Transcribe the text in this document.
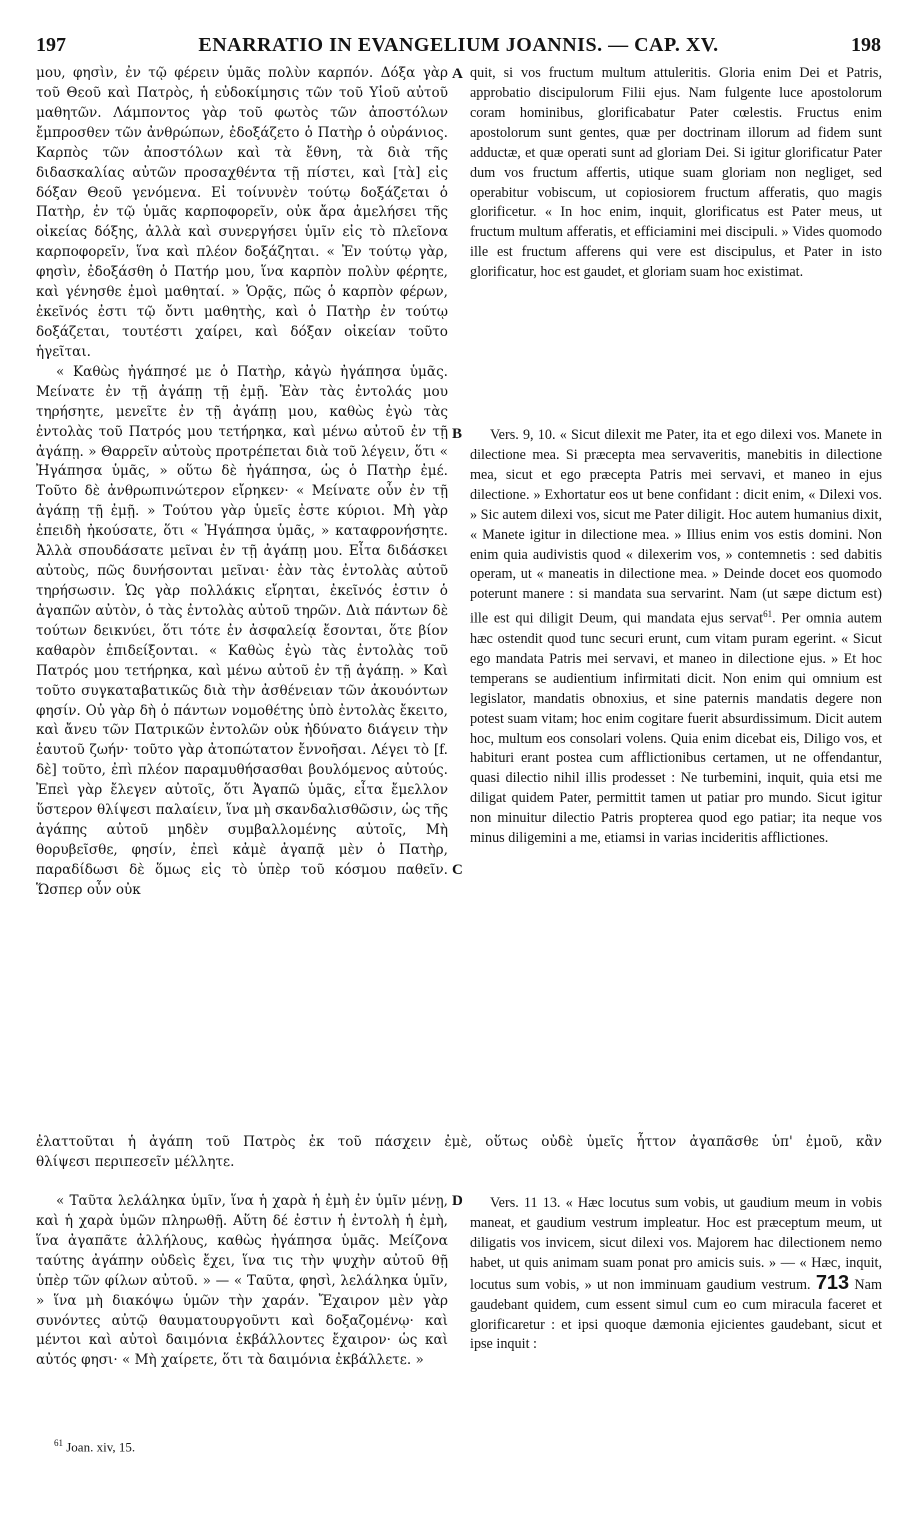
197	ENARRATIO IN EVANGELIUM JOANNIS. — CAP. XV.	198

μου, φησὶν, ἐν τῷ φέρειν ὑμᾶς πολὺν καρπόν. Δόξα γὰρ τοῦ Θεοῦ καὶ Πατρὸς, ἡ εὐδοκίμησις τῶν τοῦ Υἱοῦ αὐτοῦ μαθητῶν. Λάμποντος γὰρ τοῦ φωτὸς τῶν ἀποστόλων ἔμπροσθεν τῶν ἀνθρώπων, ἐδοξάζετο ὁ Πατὴρ ὁ οὐράνιος. Καρπὸς τῶν ἀποστόλων καὶ τὰ ἔθνη, τὰ διὰ τῆς διδασκαλίας αὐτῶν προσαχθέντα τῇ πίστει, καὶ [τὰ] εἰς δόξαν Θεοῦ γενόμενα. Εἰ τοίνυνὲν τούτῳ δοξάζεται ὁ Πατὴρ, ἐν τῷ ὑμᾶς καρποφορεῖν, οὐκ ἄρα ἀμελήσει τῆς οἰκείας δόξης, ἀλλὰ καὶ συνεργήσει ὑμῖν εἰς τὸ πλεῖονα καρποφορεῖν, ἵνα καὶ πλέον δοξάζηται. « Ἐν τούτῳ γὰρ, φησὶν, ἐδοξάσθη ὁ Πατήρ μου, ἵνα καρπὸν πολὺν φέρητε, καὶ γένησθε ἐμοὶ μαθηταί. » Ὁρᾷς, πῶς ὁ καρπὸν φέρων, ἐκεῖνός ἐστι τῷ ὄντι μαθητὴς, καὶ ὁ Πατὴρ ἐν τούτῳ δοξάζεται, τουτέστι χαίρει, καὶ δόξαν οἰκείαν τοῦτο ἡγεῖται.

« Καθὼς ἠγάπησέ με ὁ Πατὴρ, κἀγὼ ἠγάπησα ὑμᾶς. Μείνατε ἐν τῇ ἀγάπῃ τῇ ἐμῇ. Ἐὰν τὰς ἐντολάς μου τηρήσητε, μενεῖτε ἐν τῇ ἀγάπῃ μου, καθὼς ἐγὼ τὰς ἐντολὰς τοῦ Πατρός μου τετήρηκα, καὶ μένω αὐτοῦ ἐν τῇ ἀγάπῃ. » Θαρρεῖν αὐτοὺς προτρέπεται διὰ τοῦ λέγειν, ὅτι « Ἠγάπησα ὑμᾶς, » οὕτω δὲ ἠγάπησα, ὡς ὁ Πατὴρ ἐμέ. Τοῦτο δὲ ἀνθρωπινώτερον εἴρηκεν· « Μείνατε οὖν ἐν τῇ ἀγάπῃ τῇ ἐμῇ. » Τούτου γὰρ ὑμεῖς ἐστε κύριοι. Μὴ γὰρ ἐπειδὴ ἠκούσατε, ὅτι « Ἠγάπησα ὑμᾶς, » καταφρονήσητε. Ἀλλὰ σπουδάσατε μεῖναι ἐν τῇ ἀγάπῃ μου. Εἶτα διδάσκει αὐτοὺς, πῶς δυνήσονται μεῖναι· ἐὰν τὰς ἐντολὰς αὐτοῦ τηρήσωσιν. Ὡς γὰρ πολλάκις εἴρηται, ἐκεῖνός ἐστιν ὁ ἀγαπῶν αὐτὸν, ὁ τὰς ἐντολὰς αὐτοῦ τηρῶν. Διὰ πάντων δὲ τούτων δεικνύει, ὅτι τότε ἐν ἀσφαλείᾳ ἔσονται, ὅτε βίον καθαρὸν ἐπιδείξονται. « Καθὼς ἐγὼ τὰς ἐντολὰς τοῦ Πατρός μου τετήρηκα, καὶ μένω αὐτοῦ ἐν τῇ ἀγάπῃ. » Καὶ τοῦτο συγκαταβατικῶς διὰ τὴν ἀσθένειαν τῶν ἀκουόντων φησίν. Οὐ γὰρ δὴ ὁ πάντων νομοθέτης ὑπὸ ἐντολὰς ἔκειτο, καὶ ἄνευ τῶν Πατρικῶν ἐντολῶν οὐκ ἠδύνατο διάγειν τὴν ἑαυτοῦ ζωήν· τοῦτο γὰρ ἀτοπώτατον ἔννοῆσαι. Λέγει τὸ [f. δὲ] τοῦτο, ἐπὶ πλέον παραμυθήσασθαι βουλόμενος αὐτούς. Ἐπεὶ γὰρ ἔλεγεν αὐτοῖς, ὅτι Ἀγαπῶ ὑμᾶς, εἶτα ἔμελλον ὕστερον θλίψεσι παλαίειν, ἵνα μὴ σκανδαλισθῶσιν, ὡς τῆς ἀγάπης αὐτοῦ μηδὲν συμβαλλομένης αὐτοῖς, Μὴ θορυβεῖσθε, φησίν, ἐπεὶ κἀμὲ ἀγαπᾷ μὲν ὁ Πατὴρ, παραδίδωσι δὲ ὅμως εἰς τὸ ὑπὲρ τοῦ κόσμου παθεῖν. Ὥσπερ οὖν οὐκ

ἐλαττοῦται ἡ ἀγάπη τοῦ Πατρὸς ἐκ τοῦ πάσχειν ἐμὲ, οὕτως οὐδὲ ὑμεῖς ἧττον ἀγαπᾶσθε ὑπ' ἐμοῦ, κἂν
θλίψεσι περιπεσεῖν μέλλητε.
« Ταῦτα λελάληκα ὑμῖν, ἵνα ἡ χαρὰ ἡ ἐμὴ ἐν ὑμῖν μένῃ, καὶ ἡ χαρὰ ὑμῶν πληρωθῇ. Αὕτη δέ ἐστιν ἡ ἐντολὴ ἡ ἐμὴ, ἵνα ἀγαπᾶτε ἀλλήλους, καθὼς ἠγάπησα ὑμᾶς. Μείζονα ταύτης ἀγάπην οὐδεὶς ἔχει, ἵνα τις τὴν ψυχὴν αὐτοῦ θῇ ὑπὲρ τῶν φίλων αὐτοῦ. » — « Ταῦτα, φησὶ, λελάληκα ὑμῖν, » ἵνα μὴ διακόψω ὑμῶν τὴν χαράν. Ἔχαιρον μὲν γὰρ συνόντες αὐτῷ θαυματουργοῦντι καὶ δοξαζομένῳ· καὶ μέντοι καὶ αὐτοὶ δαιμόνια ἐκβάλλοντες ἔχαιρον· ὡς καὶ αὐτός φησι· « Μὴ χαίρετε, ὅτι τὰ δαιμόνια ἐκβάλλετε. »
quit, si vos fructum multum attuleritis. Gloria enim Dei et Patris, approbatio discipulorum Filii ejus. Nam fulgente luce apostolorum coram hominibus, glorificabatur Pater cœlestis. Fructus enim apostolorum sunt gentes, quæ per doctrinam illorum ad fidem sunt adductæ, et quæ operati sunt ad gloriam Dei. Si igitur glorificatur Pater dum vos fructum affertis, utique suam gloriam non negliget, sed operabitur vobiscum, ut copiosiorem fructum afferatis, quo magis glorificetur. « In hoc enim, inquit, glorificatus est Pater meus, ut fructum multum afferatis, et efficiamini mei discipuli. » Vides quomodo ille est fructum afferens qui vere est discipulus, et Pater in isto glorificatur, hoc est gaudet, et gloriam suam hoc existimat.
Vers. 9, 10. « Sicut dilexit me Pater, ita et ego dilexi vos. Manete in dilectione mea. Si præcepta mea servaveritis, manebitis in dilectione mea, sicut et ego præcepta Patris mei servavi, et maneo in ejus dilectione. » Exhortatur eos ut bene confidant : dicit enim, « Dilexi vos. » Sic autem dilexi vos, sicut me Pater diligit. Hoc autem humanius dixit, « Manete igitur in dilectione mea. » Illius enim vos estis domini. Non enim quia audivistis quod « dilexerim vos, » contemnetis : sed dabitis operam, ut « maneatis in dilectione mea. » Deinde docet eos quomodo poterunt manere : si mandata sua servarint. Nam (ut sæpe dictum est) ille est qui diligit Deum, qui mandata ejus servat$^{61}$. Per omnia autem hæc ostendit quod tunc securi erunt, cum vitam puram egerint. « Sicut ego mandata Patris mei servavi, et maneo in dilectione ejus. » Et hoc temperans se audientium infirmitati dicit. Non enim qui omnium est legislator, mandatis obnoxius, et sine paternis mandatis degere non potest suam vitam; hoc enim cogitare fuerit absurdissimum. Dicit autem hoc, multum eos consolari volens. Quia enim dicebat eis, Diligo vos, et habituri erant postea cum afflictionibus certamen, ut ne offendantur, quasi dilectio nihil illis prodesset : Ne turbemini, inquit, quia etsi me diligat quidem Pater, permittit tamen ut patiar pro mundo. Sicut igitur non minuitur dilectio Patris propterea quod ego patiar; ita neque vos minus diligemini a me, etiamsi in varias incideritis afflictiones.
Vers. 11 13. « Hæc locutus sum vobis, ut gaudium meum in vobis maneat, et gaudium vestrum impleatur. Hoc est præceptum meum, ut diligatis vos invicem, sicut dilexi vos. Majorem hac dilectionem nemo habet, ut quis animam suam ponat pro amicis suis. » — « Hæc, inquit, locutus sum vobis, » ut non imminuam gaudium vestrum. 713 Nam gaudebant quidem, cum essent simul cum eo cum miracula faceret et glorificaretur : et ipsi quoque dæmonia ejicientes gaudebant, sicut et ipse inquit :
A
B
C
D
$^{61}$ Joan. xiv, 15.
